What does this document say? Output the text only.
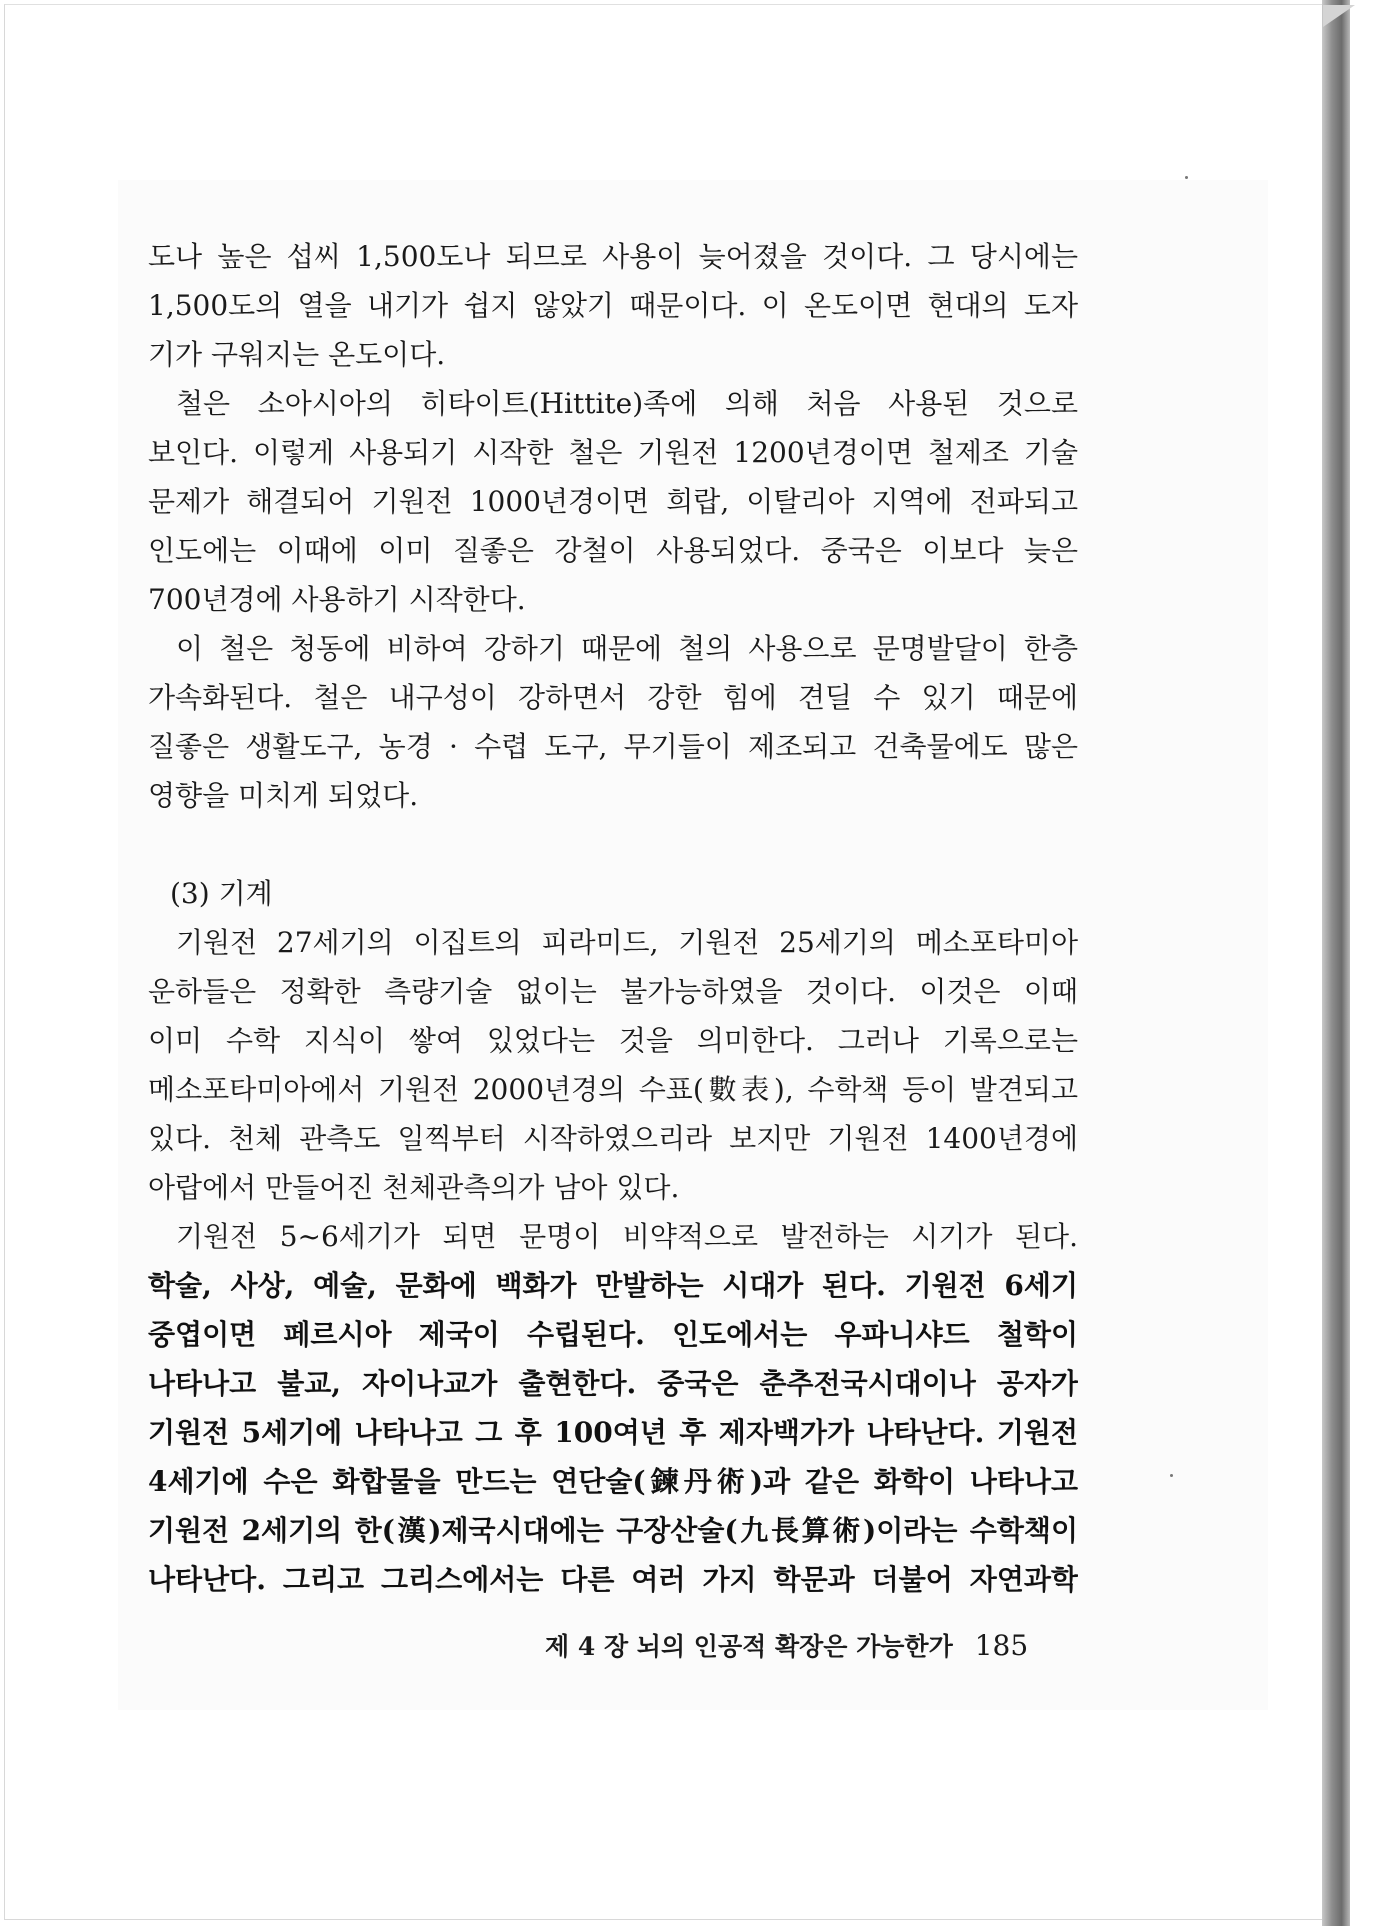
도나 높은 섭씨 1,500도나 되므로 사용이 늦어졌을 것이다. 그 당시에는
1,500도의 열을 내기가 쉽지 않았기 때문이다. 이 온도이면 현대의 도자
기가 구워지는 온도이다.
철은 소아시아의 히타이트(Hittite)족에 의해 처음 사용된 것으로
보인다. 이렇게 사용되기 시작한 철은 기원전 1200년경이면 철제조 기술
문제가 해결되어 기원전 1000년경이면 희랍, 이탈리아 지역에 전파되고
인도에는 이때에 이미 질좋은 강철이 사용되었다. 중국은 이보다 늦은
700년경에 사용하기 시작한다.
이 철은 청동에 비하여 강하기 때문에 철의 사용으로 문명발달이 한층
가속화된다. 철은 내구성이 강하면서 강한 힘에 견딜 수 있기 때문에
질좋은 생활도구, 농경 · 수렵 도구, 무기들이 제조되고 건축물에도 많은
영향을 미치게 되었다.
(3) 기계
기원전 27세기의 이집트의 피라미드, 기원전 25세기의 메소포타미아
운하들은 정확한 측량기술 없이는 불가능하였을 것이다. 이것은 이때
이미 수학 지식이 쌓여 있었다는 것을 의미한다. 그러나 기록으로는
메소포타미아에서 기원전 2000년경의 수표(數表), 수학책 등이 발견되고
있다. 천체 관측도 일찍부터 시작하였으리라 보지만 기원전 1400년경에
아랍에서 만들어진 천체관측의가 남아 있다.
기원전 5~6세기가 되면 문명이 비약적으로 발전하는 시기가 된다.
학술, 사상, 예술, 문화에 백화가 만발하는 시대가 된다. 기원전 6세기
중엽이면 페르시아 제국이 수립된다. 인도에서는 우파니샤드 철학이
나타나고 불교, 자이나교가 출현한다. 중국은 춘추전국시대이나 공자가
기원전 5세기에 나타나고 그 후 100여년 후 제자백가가 나타난다. 기원전
4세기에 수은 화합물을 만드는 연단술(鍊丹術)과 같은 화학이 나타나고
기원전 2세기의 한(漢)제국시대에는 구장산술(九長算術)이라는 수학책이
나타난다. 그리고 그리스에서는 다른 여러 가지 학문과 더불어 자연과학
제 4 장 뇌의 인공적 확장은 가능한가 185
